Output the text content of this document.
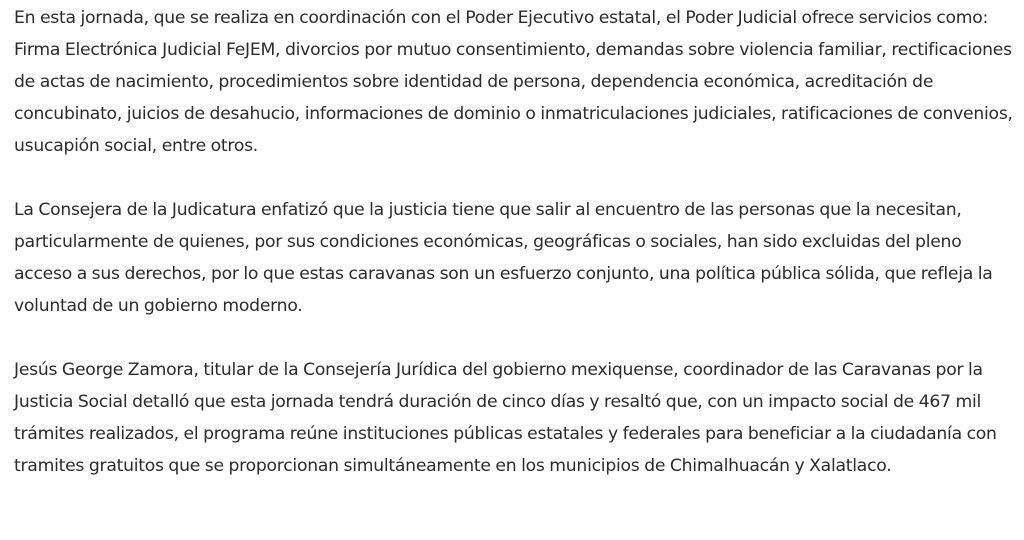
En esta jornada, que se realiza en coordinación con el Poder Ejecutivo estatal, el Poder Judicial ofrece servicios como: Firma Electrónica Judicial FeJEM, divorcios por mutuo consentimiento, demandas sobre violencia familiar, rectificaciones de actas de nacimiento, procedimientos sobre identidad de persona, dependencia económica, acreditación de concubinato, juicios de desahucio, informaciones de dominio o inmatriculaciones judiciales, ratificaciones de convenios, usucapión social, entre otros.

La Consejera de la Judicatura enfatizó que la justicia tiene que salir al encuentro de las personas que la necesitan, particularmente de quienes, por sus condiciones económicas, geográficas o sociales, han sido excluidas del pleno acceso a sus derechos, por lo que estas caravanas son un esfuerzo conjunto, una política pública sólida, que refleja la voluntad de un gobierno moderno.

Jesús George Zamora, titular de la Consejería Jurídica del gobierno mexiquense, coordinador de las Caravanas por la Justicia Social detalló que esta jornada tendrá duración de cinco días y resaltó que, con un impacto social de 467 mil trámites realizados, el programa reúne instituciones públicas estatales y federales para beneficiar a la ciudadanía con tramites gratuitos que se proporcionan simultáneamente en los municipios de Chimalhuacán y Xalatlaco.
